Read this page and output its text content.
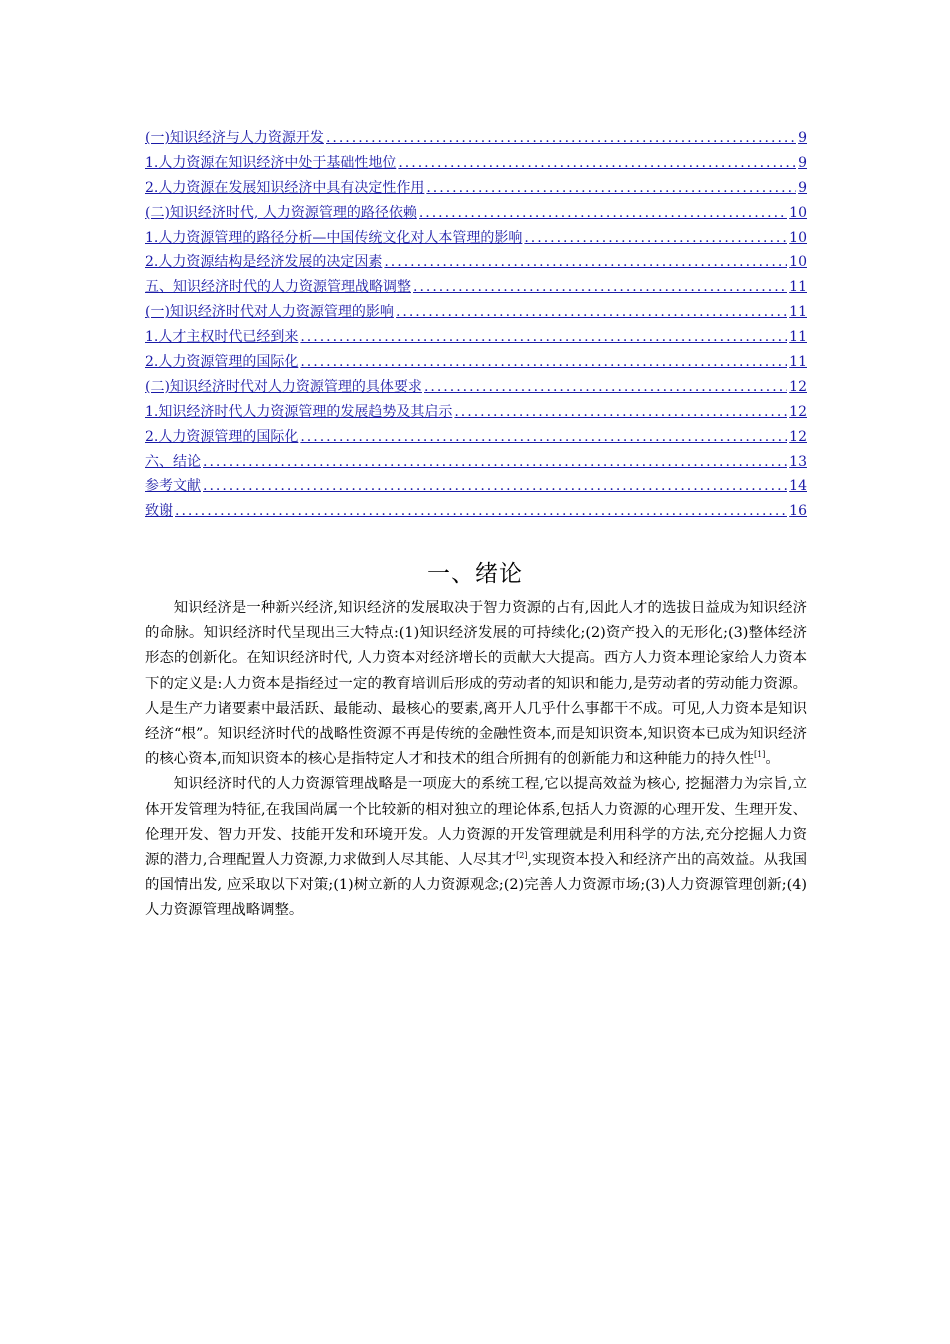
(一)知识经济与人力资源开发 .....	9
1.人力资源在知识经济中处于基础性地位 .....	9
2.人力资源在发展知识经济中具有决定性作用 .....	9
(二)知识经济时代, 人力资源管理的路径依赖 .....	10
1.人力资源管理的路径分析—中国传统文化对人本管理的影响 .....	10
2.人力资源结构是经济发展的决定因素 .....	10
五、知识经济时代的人力资源管理战略调整 .....	11
(一)知识经济时代对人力资源管理的影响 .....	11
1.人才主权时代已经到来 .....	11
2.人力资源管理的国际化 .....	11
(二)知识经济时代对人力资源管理的具体要求 .....	12
1.知识经济时代人力资源管理的发展趋势及其启示 .....	12
2.人力资源管理的国际化 .....	12
六、结论 .....	13
参考文献 .....	14
致谢 .....	16
一、绪论

知识经济是一种新兴经济,知识经济的发展取决于智力资源的占有,因此人才的选拔日益成为知识经济的命脉。知识经济时代呈现出三大特点:(1)知识经济发展的可持续化;(2)资产投入的无形化;(3)整体经济形态的创新化。在知识经济时代, 人力资本对经济增长的贡献大大提高。西方人力资本理论家给人力资本下的定义是:人力资本是指经过一定的教育培训后形成的劳动者的知识和能力,是劳动者的劳动能力资源。人是生产力诸要素中最活跃、最能动、最核心的要素,离开人几乎什么事都干不成。可见,人力资本是知识经济“根”。知识经济时代的战略性资源不再是传统的金融性资本,而是知识资本,知识资本已成为知识经济的核心资本,而知识资本的核心是指特定人才和技术的组合所拥有的创新能力和这种能力的持久性[1]。

知识经济时代的人力资源管理战略是一项庞大的系统工程,它以提高效益为核心, 挖掘潜力为宗旨,立体开发管理为特征,在我国尚属一个比较新的相对独立的理论体系,包括人力资源的心理开发、生理开发、伦理开发、智力开发、技能开发和环境开发。人力资源的开发管理就是利用科学的方法,充分挖掘人力资源的潜力,合理配置人力资源,力求做到人尽其能、人尽其才[2],实现资本投入和经济产出的高效益。从我国的国情出发, 应采取以下对策;(1)树立新的人力资源观念;(2)完善人力资源市场;(3)人力资源管理创新;(4)人力资源管理战略调整。
